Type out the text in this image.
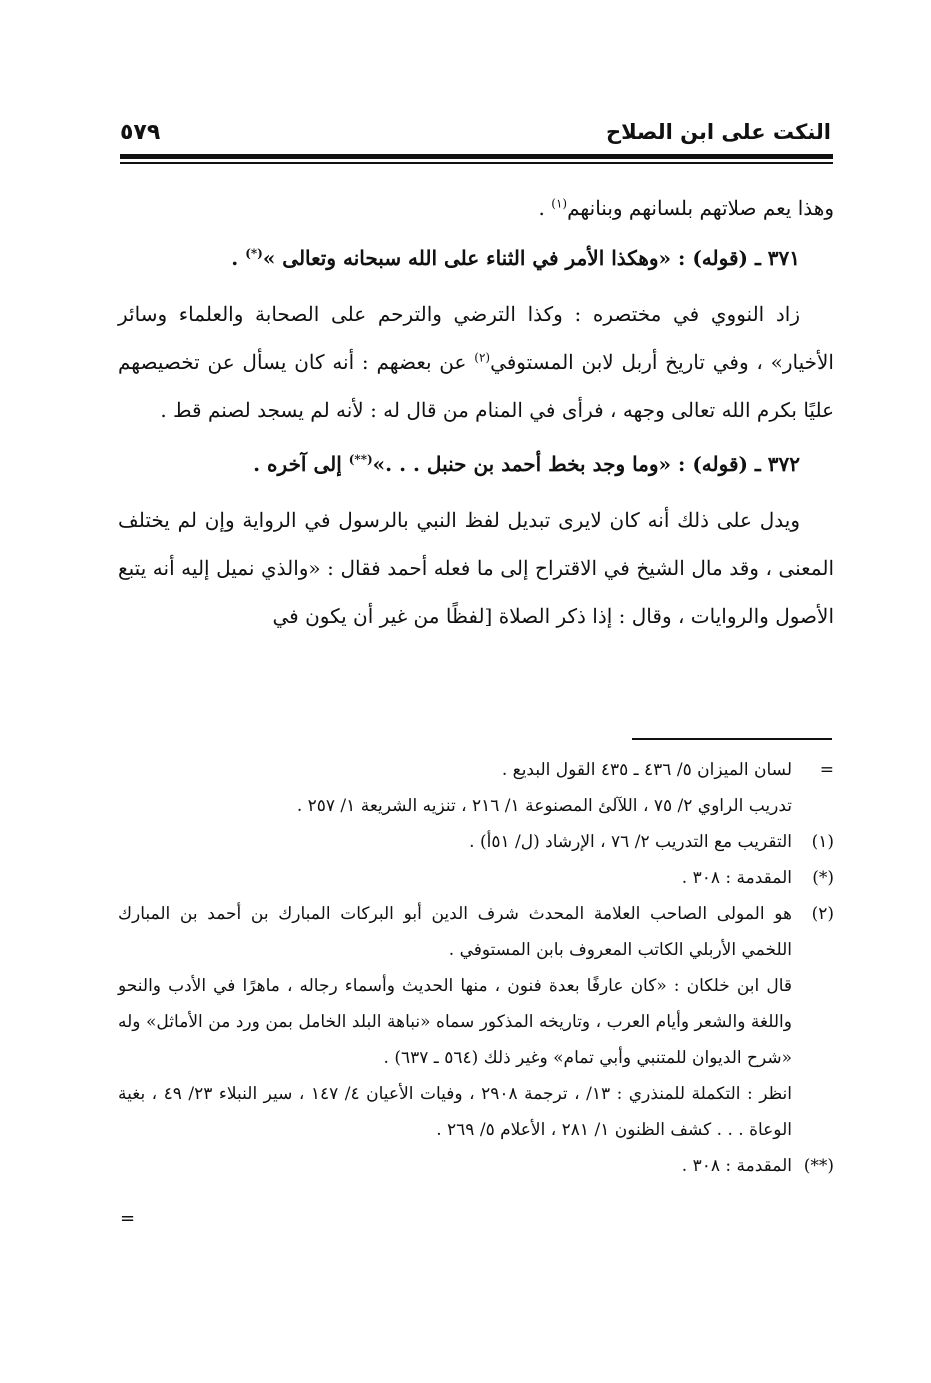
النكت على ابن الصلاح
٥٧٩

وهذا يعم صلاتهم بلسانهم وبنانهم$^{(١)}$ .

٣٧١ ـ (قوله) : «وهكذا الأمر في الثناء على الله سبحانه وتعالى »(*) .

زاد النووي في مختصره : وكذا الترضي والترحم على الصحابة والعلماء وسائر الأخيار» ، وفي تاريخ أربل لابن المستوفي$^{(٢)}$ عن بعضهم : أنه كان يسأل عن تخصيصهم عليًا بكرم الله تعالى وجهه ، فرأى في المنام من قال له : لأنه لم يسجد لصنم قط .

٣٧٢ ـ (قوله) : «وما وجد بخط أحمد بن حنبل . . .»(**) إلى آخره .

ويدل على ذلك أنه كان لايرى تبديل لفظ النبي بالرسول في الرواية وإن لم يختلف المعنى ، وقد مال الشيخ في الاقتراح إلى ما فعله أحمد فقال : «والذي نميل إليه أنه يتبع الأصول والروايات ، وقال : إذا ذكر الصلاة [لفظًا من غير أن يكون في

=
لسان الميزان ٥/ ٤٣٦ ـ ٤٣٥ القول البديع .

تدريب الراوي ٢/ ٧٥ ، اللآلئ المصنوعة ١/ ٢١٦ ، تنزيه الشريعة ١/ ٢٥٧ .

(١)
التقريب مع التدريب ٢/ ٧٦ ، الإرشاد (ل/ ٥١أ) .
(*)
المقدمة : ٣٠٨ .
(٢)
هو المولى الصاحب العلامة المحدث شرف الدين أبو البركات المبارك بن أحمد بن المبارك اللخمي الأربلي الكاتب المعروف بابن المستوفي .

قال ابن خلكان : «كان عارفًا بعدة فنون ، منها الحديث وأسماء رجاله ، ماهرًا في الأدب والنحو واللغة والشعر وأيام العرب ، وتاريخه المذكور سماه «نباهة البلد الخامل بمن ورد من الأماثل» وله «شرح الديوان للمتنبي وأبي تمام» وغير ذلك (٥٦٤ ـ ٦٣٧) .

انظر : التكملة للمنذري : ١٣/ ، ترجمة ٢٩٠٨ ، وفيات الأعيان ٤/ ١٤٧ ، سير النبلاء ٢٣/ ٤٩ ، بغية الوعاة . . . كشف الظنون ١/ ٢٨١ ، الأعلام ٥/ ٢٦٩ .

(**)
المقدمة : ٣٠٨ .
=
